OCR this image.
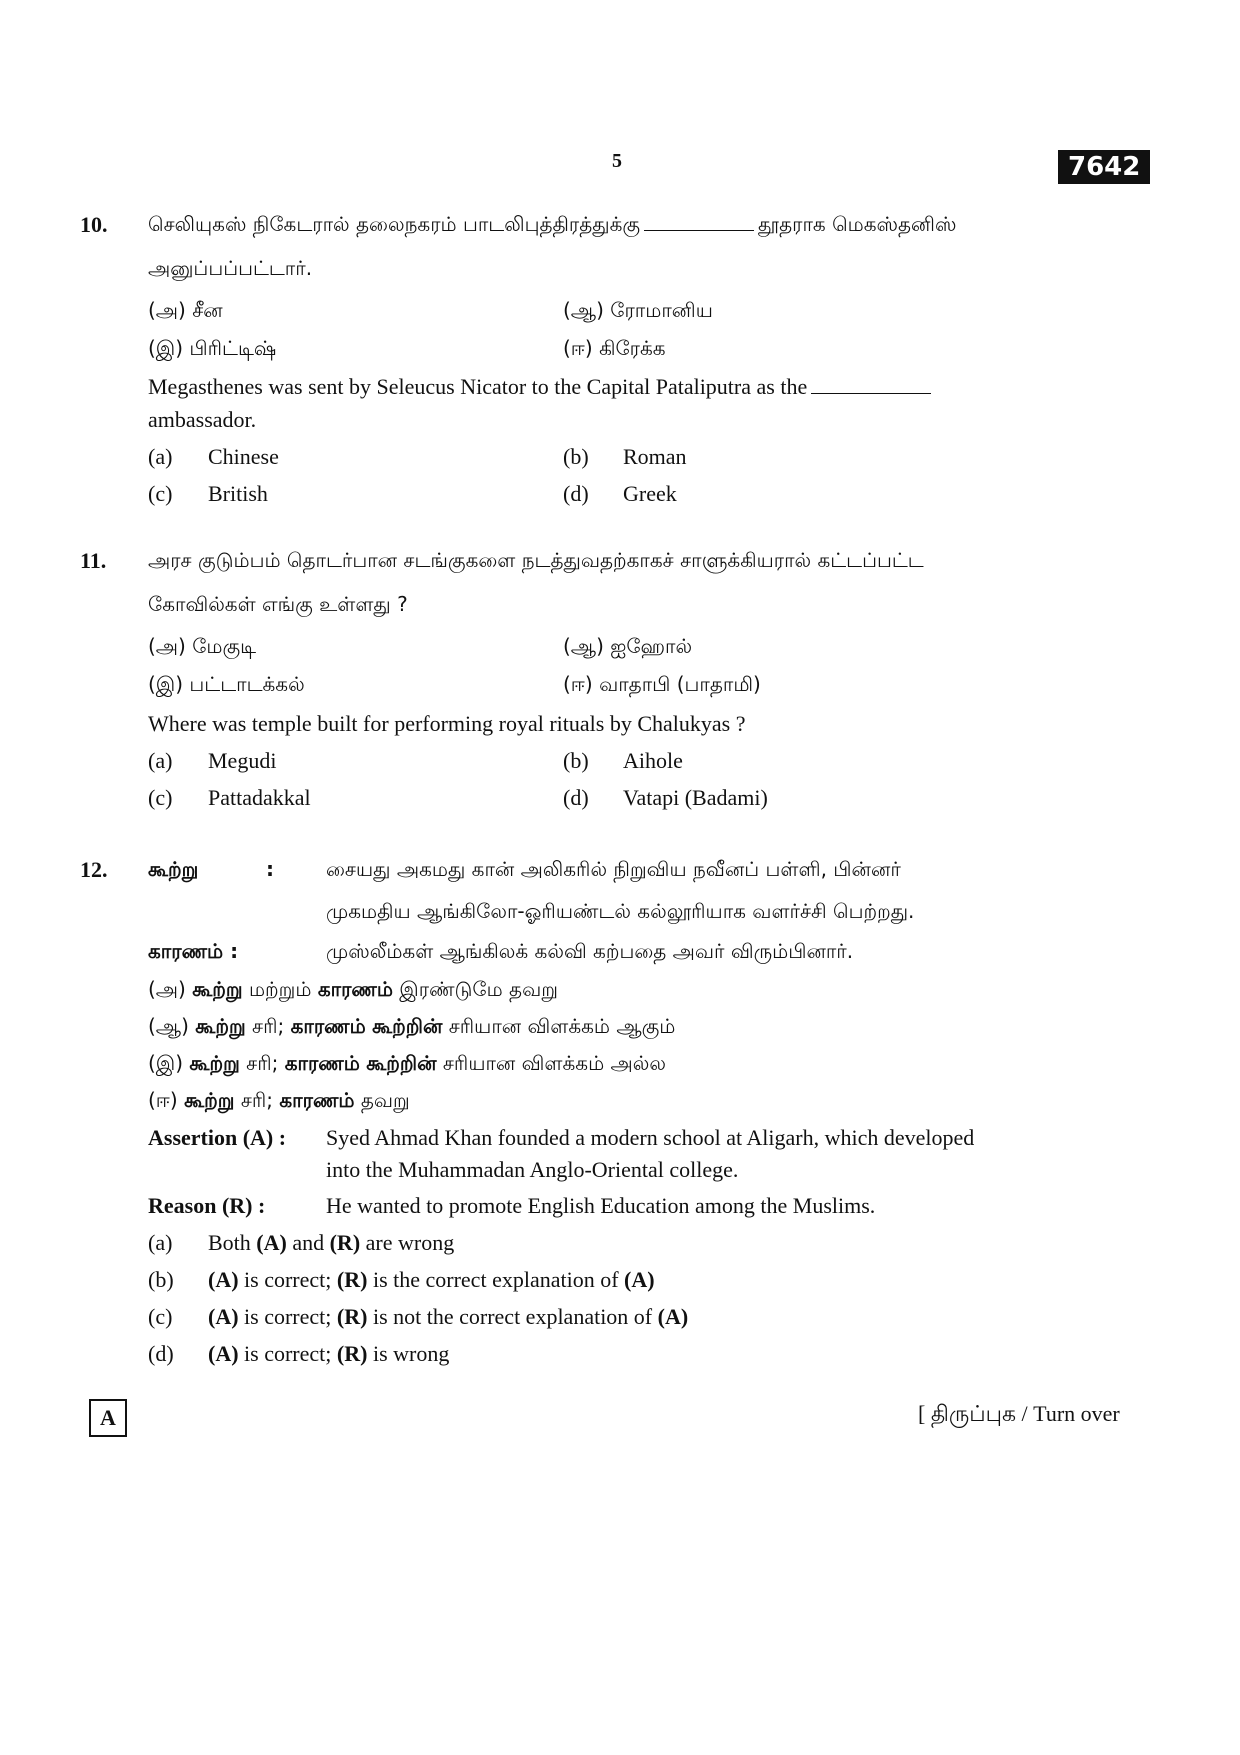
5	7642
10. செலியுகஸ் நிகேடரால் தலைநகரம் பாடலிபுத்திரத்துக்கு	தூதராக மெகஸ்தனிஸ்
அனுப்பப்பட்டார்.
(அ) சீன	(ஆ) ரோமானிய
(இ) பிரிட்டிஷ்	(ஈ) கிரேக்க
Megasthenes was sent by Seleucus Nicator to the Capital Pataliputra as the
ambassador.
(a) Chinese	(b) Roman
(c) British	(d) Greek
11. அரச குடும்பம் தொடர்பான சடங்குகளை நடத்துவதற்காகச் சாளுக்கியரால் கட்டப்பட்ட
கோவில்கள் எங்கு உள்ளது ?
(அ) மேகுடி	(ஆ) ஐஹோல்
(இ) பட்டாடக்கல்	(ஈ) வாதாபி (பாதாமி)
Where was temple built for performing royal rituals by Chalukyas ?
(a) Megudi	(b) Aihole
(c) Pattadakkal	(d) Vatapi (Badami)
12. கூற்று	:	சையது அகமது கான் அலிகரில் நிறுவிய நவீனப் பள்ளி, பின்னர்
முகமதிய ஆங்கிலோ-ஓரியண்டல் கல்லூரியாக வளர்ச்சி பெற்றது.
காரணம் :	முஸ்லீம்கள் ஆங்கிலக் கல்வி கற்பதை அவர் விரும்பினார்.
(அ) கூற்று மற்றும் காரணம் இரண்டுமே தவறு
(ஆ) கூற்று சரி; காரணம் கூற்றின் சரியான விளக்கம் ஆகும்
(இ) கூற்று சரி; காரணம் கூற்றின் சரியான விளக்கம் அல்ல
(ஈ) கூற்று சரி; காரணம் தவறு
Assertion (A) : Syed Ahmad Khan founded a modern school at Aligarh, which developed
into the Muhammadan Anglo-Oriental college.
Reason (R) :	He wanted to promote English Education among the Muslims.
(a) Both (A) and (R) are wrong
(b) (A) is correct; (R) is the correct explanation of (A)
(c) (A) is correct; (R) is not the correct explanation of (A)
(d) (A) is correct; (R) is wrong
A	[ திருப்புக / Turn over
